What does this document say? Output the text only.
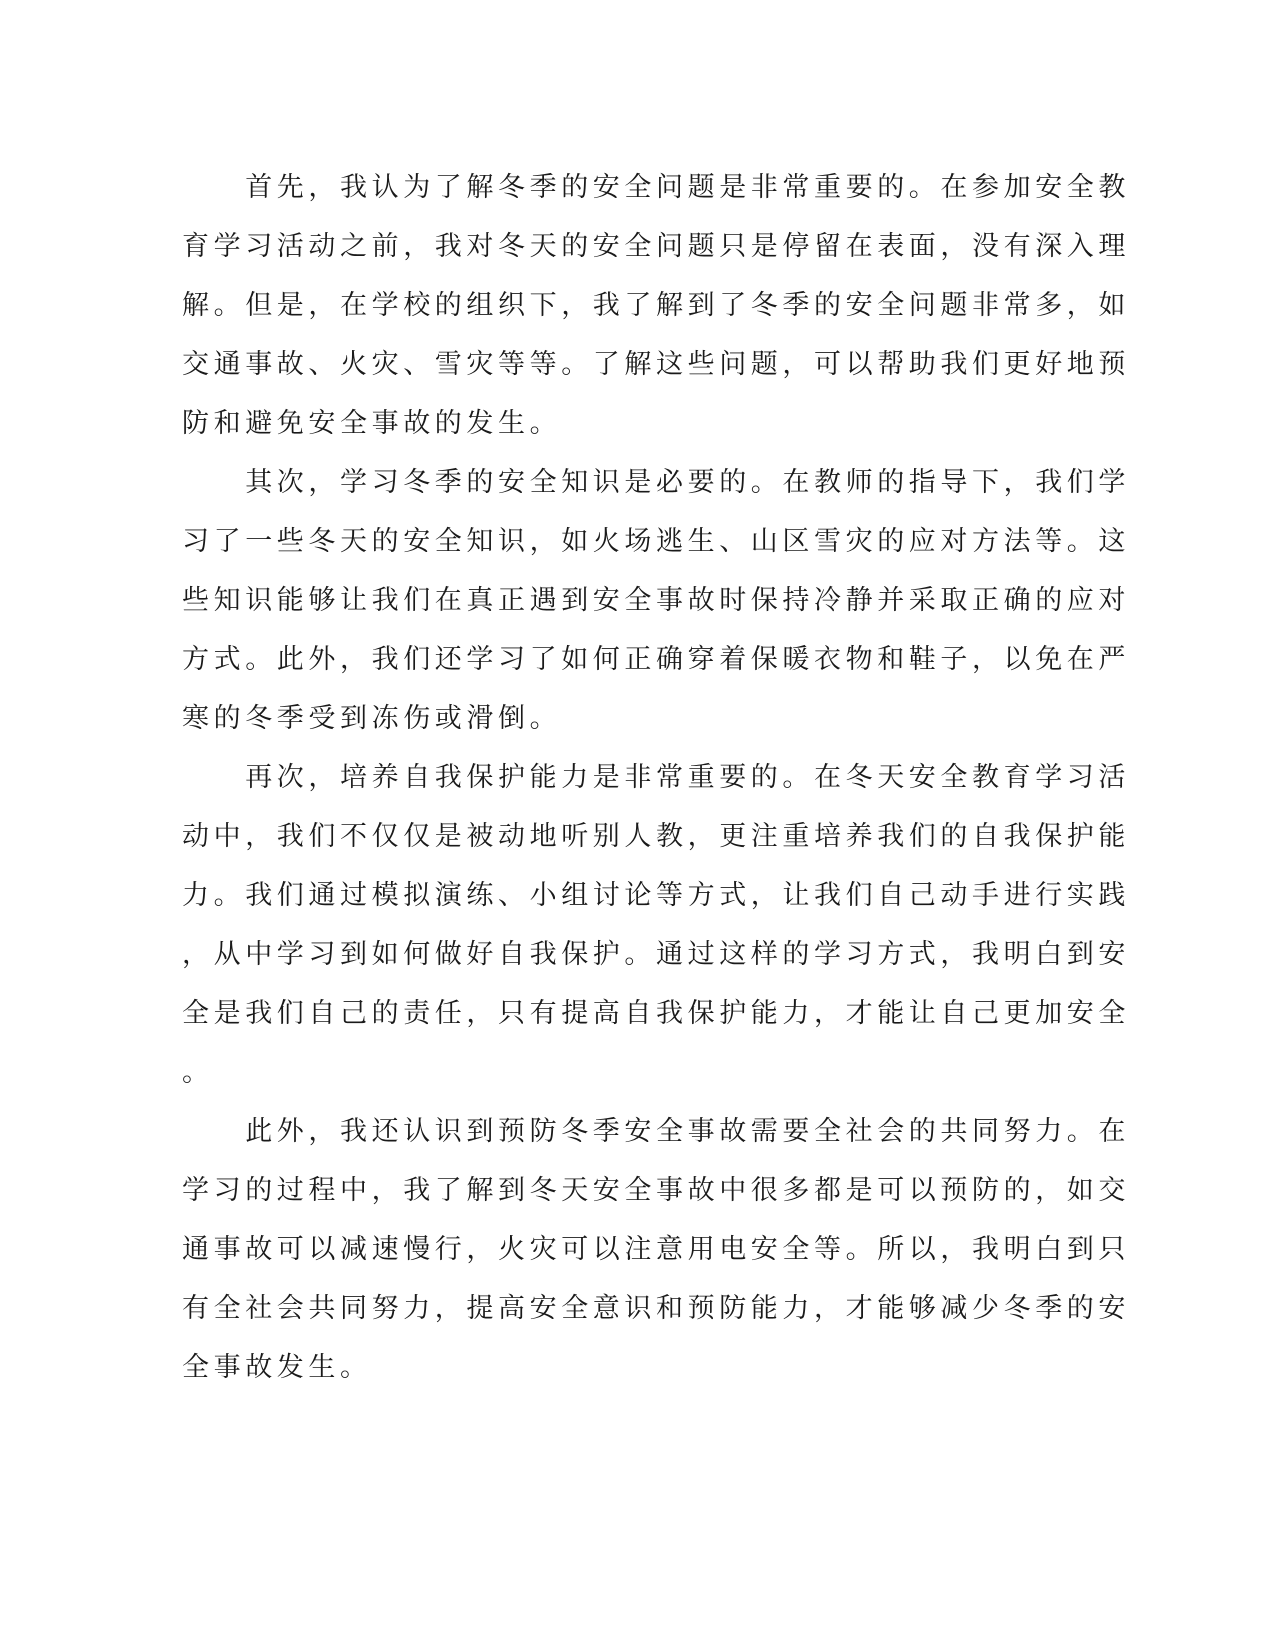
　　首先，我认为了解冬季的安全问题是非常重要的。在参加安全教
育学习活动之前，我对冬天的安全问题只是停留在表面，没有深入理
解。但是，在学校的组织下，我了解到了冬季的安全问题非常多，如
交通事故、火灾、雪灾等等。了解这些问题，可以帮助我们更好地预
防和避免安全事故的发生。
　　其次，学习冬季的安全知识是必要的。在教师的指导下，我们学
习了一些冬天的安全知识，如火场逃生、山区雪灾的应对方法等。这
些知识能够让我们在真正遇到安全事故时保持冷静并采取正确的应对
方式。此外，我们还学习了如何正确穿着保暖衣物和鞋子，以免在严
寒的冬季受到冻伤或滑倒。
　　再次，培养自我保护能力是非常重要的。在冬天安全教育学习活
动中，我们不仅仅是被动地听别人教，更注重培养我们的自我保护能
力。我们通过模拟演练、小组讨论等方式，让我们自己动手进行实践
，从中学习到如何做好自我保护。通过这样的学习方式，我明白到安
全是我们自己的责任，只有提高自我保护能力，才能让自己更加安全
。
　　此外，我还认识到预防冬季安全事故需要全社会的共同努力。在
学习的过程中，我了解到冬天安全事故中很多都是可以预防的，如交
通事故可以减速慢行，火灾可以注意用电安全等。所以，我明白到只
有全社会共同努力，提高安全意识和预防能力，才能够减少冬季的安
全事故发生。
